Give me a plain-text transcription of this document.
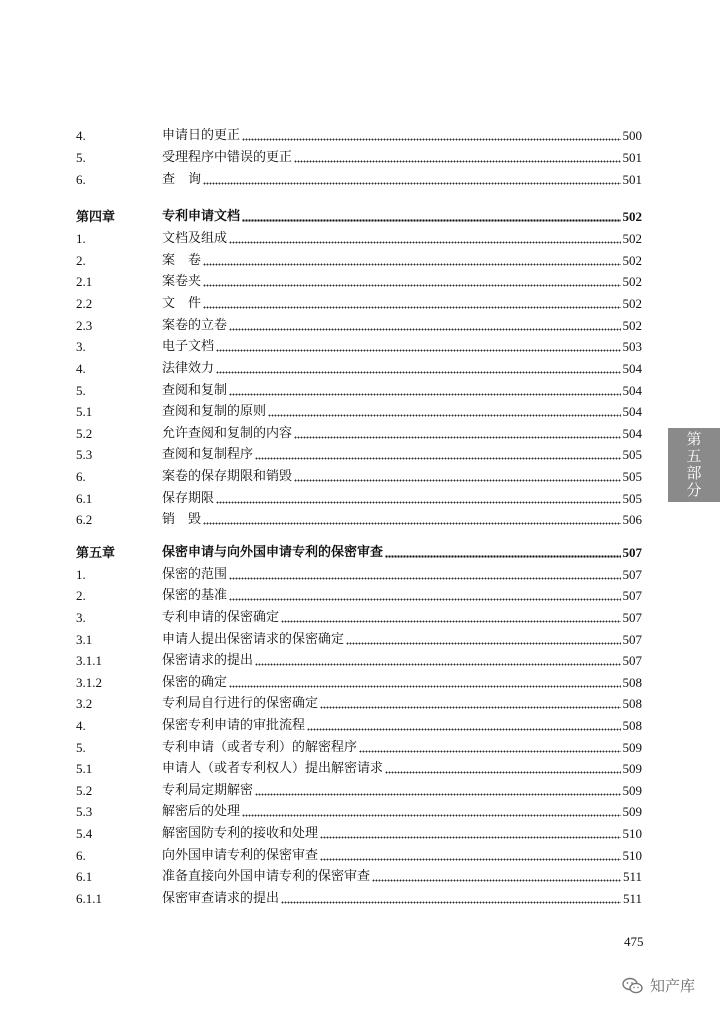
4.	申请日的更正	500
5.	受理程序中错误的更正	501
6.	查　询	501
第四章	专利申请文档	502
1.	文档及组成	502
2.	案　卷	502
2.1	案卷夹	502
2.2	文　件	502
2.3	案卷的立卷	502
3.	电子文档	503
4.	法律效力	504
5.	查阅和复制	504
5.1	查阅和复制的原则	504
5.2	允许查阅和复制的内容	504
5.3	查阅和复制程序	505
6.	案卷的保存期限和销毁	505
6.1	保存期限	505
6.2	销　毁	506
第五章	保密申请与向外国申请专利的保密审查	507
1.	保密的范围	507
2.	保密的基准	507
3.	专利申请的保密确定	507
3.1	申请人提出保密请求的保密确定	507
3.1.1	保密请求的提出	507
3.1.2	保密的确定	508
3.2	专利局自行进行的保密确定	508
4.	保密专利申请的审批流程	508
5.	专利申请（或者专利）的解密程序	509
5.1	申请人（或者专利权人）提出解密请求	509
5.2	专利局定期解密	509
5.3	解密后的处理	509
5.4	解密国防专利的接收和处理	510
6.	向外国申请专利的保密审查	510
6.1	准备直接向外国申请专利的保密审查	511
6.1.1	保密审查请求的提出	511
第五部分
475
知产库
